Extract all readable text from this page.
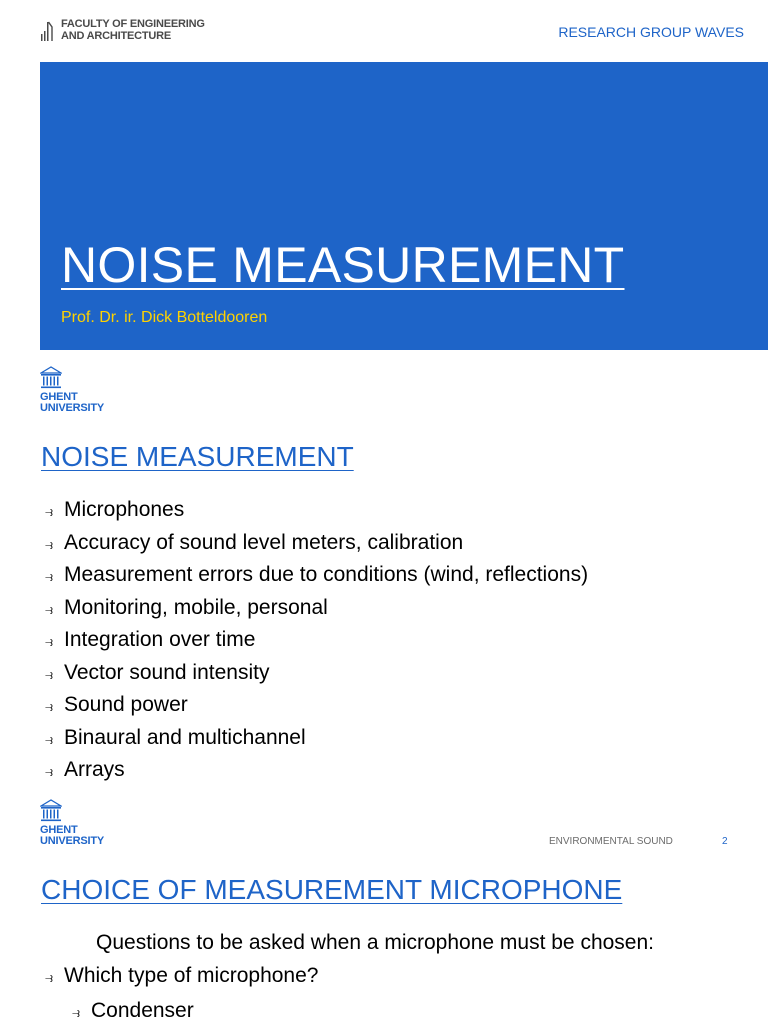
FACULTY OF ENGINEERING
AND ARCHITECTURE	RESEARCH GROUP WAVES
NOISE MEASUREMENT
Prof. Dr. ir. Dick Botteldooren
GHENT
UNIVERSITY
NOISE MEASUREMENT
⥽ Microphones
⥽ Accuracy of sound level meters, calibration
⥽ Measurement errors due to conditions (wind, reflections)
⥽ Monitoring, mobile, personal
⥽ Integration over time
⥽ Vector sound intensity
⥽ Sound power
⥽ Binaural and multichannel
⥽ Arrays
GHENT
UNIVERSITY	ENVIRONMENTAL SOUND	2
CHOICE OF MEASUREMENT MICROPHONE
Questions to be asked when a microphone must be chosen:
⥽ Which type of microphone?
⥽ Condenser
